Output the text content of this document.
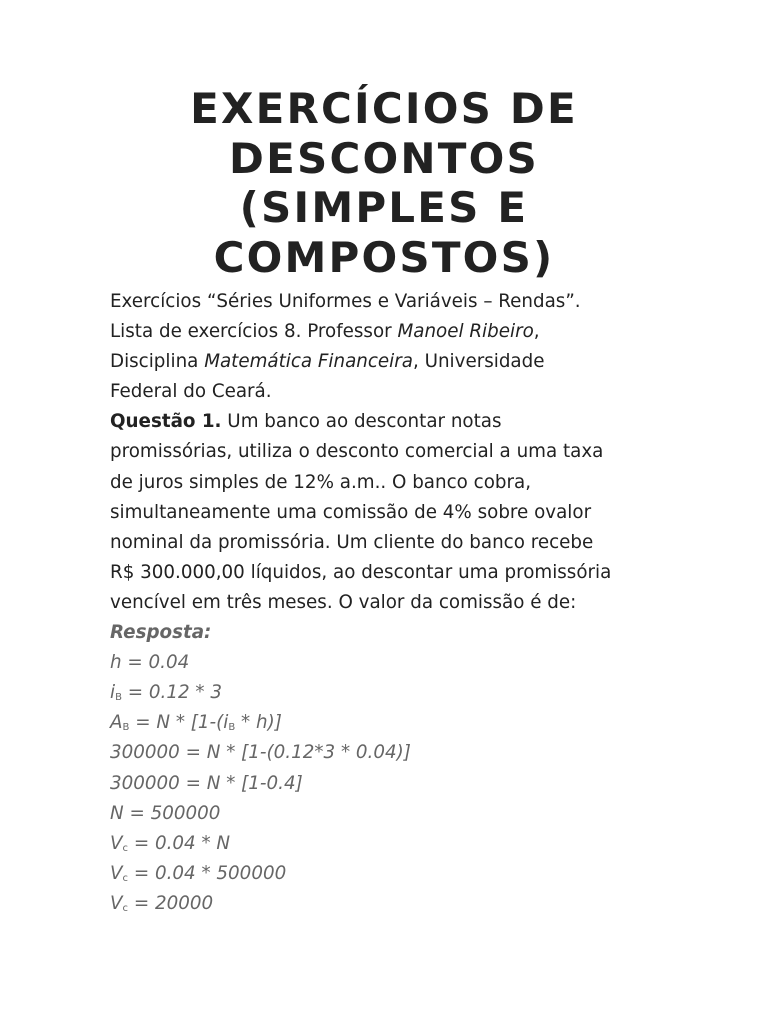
EXERCÍCIOS DE
DESCONTOS
(SIMPLES E
COMPOSTOS)
Exercícios “Séries Uniformes e Variáveis – Rendas”.
Lista de exercícios 8. Professor Manoel Ribeiro,
Disciplina Matemática Financeira, Universidade
Federal do Ceará.
Questão 1. Um banco ao descontar notas
promissórias, utiliza o desconto comercial a uma taxa
de juros simples de 12% a.m.. O banco cobra,
simultaneamente uma comissão de 4% sobre ovalor
nominal da promissória. Um cliente do banco recebe
R$ 300.000,00 líquidos, ao descontar uma promissória
vencível em três meses. O valor da comissão é de:
Resposta:
h = 0.04
$i_B = 0.12 * 3$
$A_B = N * [1-(i_B * h)]$
300000 = N * [1-(0.12*3 * 0.04)]
300000 = N * [1-0.4]
N = 500000
$V_c = 0.04 * N$
$V_c = 0.04 * 500000$
$V_c = 20000$
